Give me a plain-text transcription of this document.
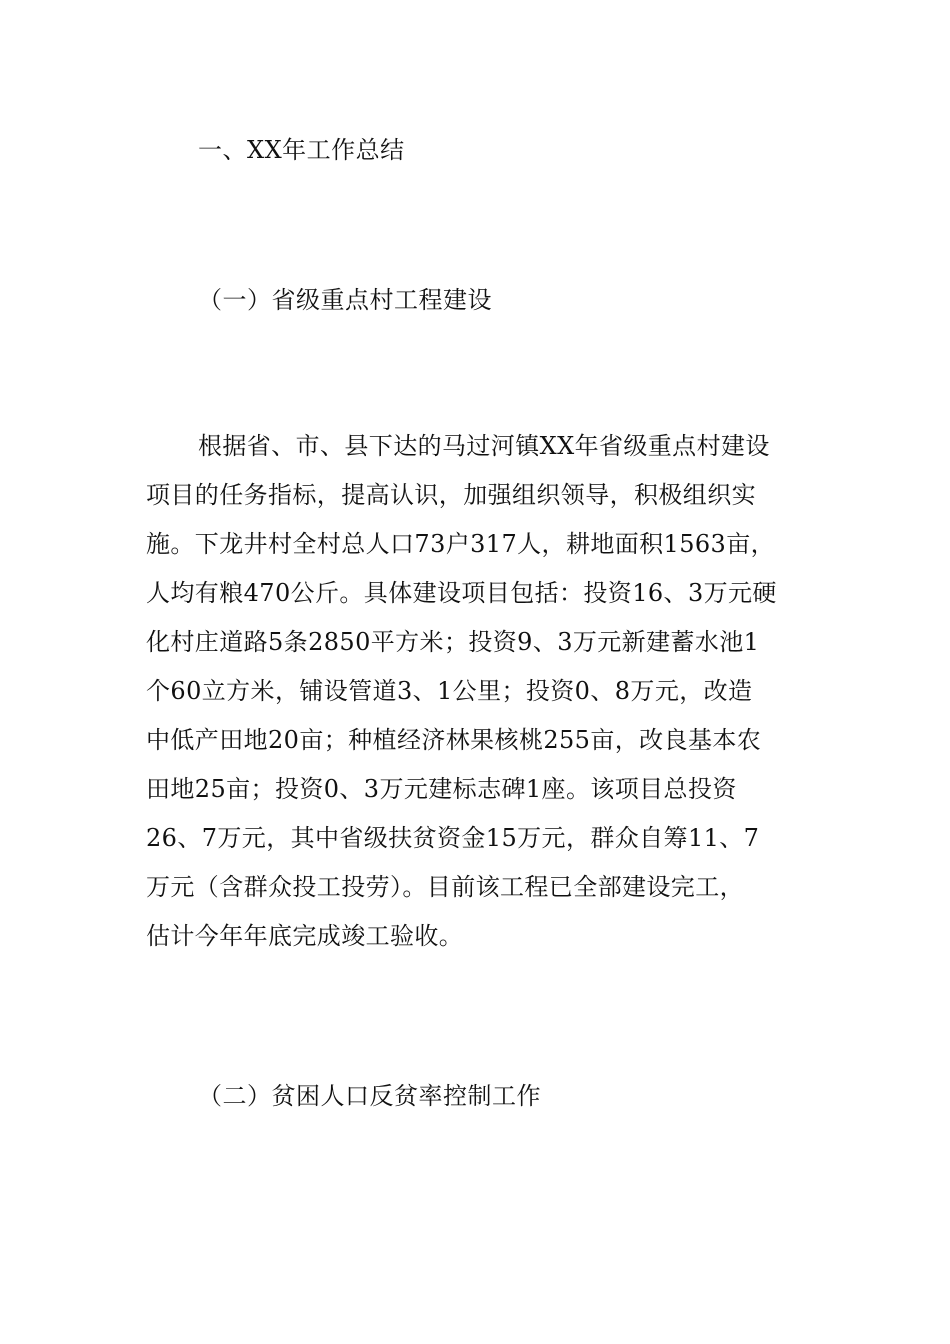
一、XX年工作总结
（一）省级重点村工程建设
根据省、市、县下达的马过河镇XX年省级重点村建设
项目的任务指标，提高认识，加强组织领导，积极组织实
施。下龙井村全村总人口73户317人，耕地面积1563亩，
人均有粮470公斤。具体建设项目包括：投资16、3万元硬
化村庄道路5条2850平方米；投资9、3万元新建蓄水池1
个60立方米，铺设管道3、1公里；投资0、8万元，改造
中低产田地20亩；种植经济林果核桃255亩，改良基本农
田地25亩；投资0、3万元建标志碑1座。该项目总投资
26、7万元，其中省级扶贫资金15万元，群众自筹11、7
万元（含群众投工投劳）。目前该工程已全部建设完工，
估计今年年底完成竣工验收。
（二）贫困人口反贫率控制工作
